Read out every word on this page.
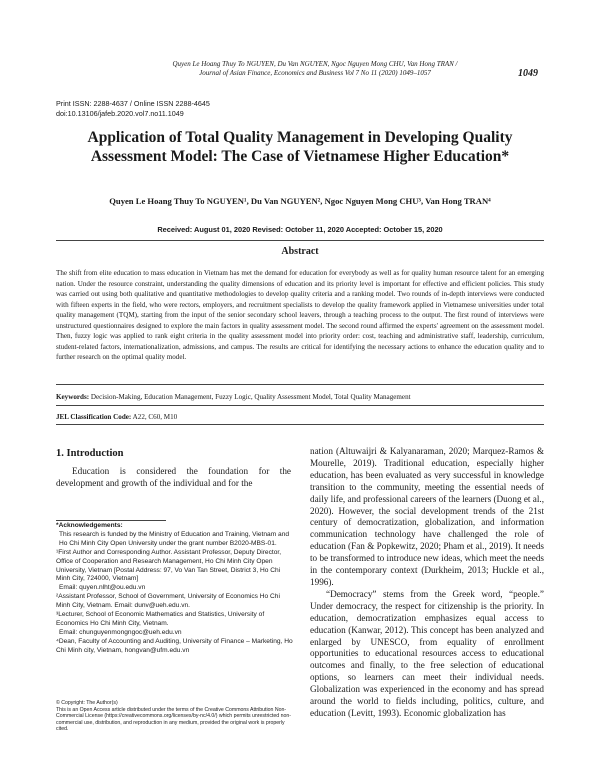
Quyen Le Hoang Thuy To NGUYEN, Du Van NGUYEN, Ngoc Nguyen Mong CHU, Van Hong TRAN /
Journal of Asian Finance, Economics and Business Vol 7 No 11 (2020) 1049–1057	1049
Print ISSN: 2288-4637 / Online ISSN 2288-4645
doi:10.13106/jafeb.2020.vol7.no11.1049
Application of Total Quality Management in Developing Quality
Assessment Model: The Case of Vietnamese Higher Education*
Quyen Le Hoang Thuy To NGUYEN¹, Du Van NGUYEN², Ngoc Nguyen Mong CHU³, Van Hong TRAN⁴
Received: August 01, 2020 Revised: October 11, 2020 Accepted: October 15, 2020
Abstract
The shift from elite education to mass education in Vietnam has met the demand for education for everybody as well as for quality human resource talent for an emerging nation. Under the resource constraint, understanding the quality dimensions of education and its priority level is important for effective and efficient policies. This study was carried out using both qualitative and quantitative methodologies to develop quality criteria and a ranking model. Two rounds of in-depth interviews were conducted with fifteen experts in the field, who were rectors, employers, and recruitment specialists to develop the quality framework applied in Vietnamese universities under total quality management (TQM), starting from the input of the senior secondary school leavers, through a teaching process to the output. The first round of interviews were unstructured questionnaires designed to explore the main factors in quality assessment model. The second round affirmed the experts' agreement on the assessment model. Then, fuzzy logic was applied to rank eight criteria in the quality assessment model into priority order: cost, teaching and administrative staff, leadership, curriculum, student-related factors, internationalization, admissions, and campus. The results are critical for identifying the necessary actions to enhance the education quality and to further research on the optimal quality model.
Keywords: Decision-Making, Education Management, Fuzzy Logic, Quality Assessment Model, Total Quality Management
JEL Classification Code: A22, C60, M10
1. Introduction

Education is considered the foundation for the development and growth of the individual and for the

*Acknowledgements:

This research is funded by the Ministry of Education and Training, Vietnam and Ho Chi Minh City Open University under the grant number B2020-MBS-01.

¹First Author and Corresponding Author. Assistant Professor, Deputy Director, Office of Cooperation and Research Management, Ho Chi Minh City Open University, Vietnam [Postal Address: 97, Vo Van Tan Street, District 3, Ho Chi Minh City, 724000, Vietnam]

Email: quyen.nlht@ou.edu.vn

²Assistant Professor, School of Government, University of Economics Ho Chi Minh City, Vietnam. Email: dunv@ueh.edu.vn.

³Lecturer, School of Economic Mathematics and Statistics, University of Economics Ho Chi Minh City, Vietnam.

Email: chunguyenmongngoc@ueh.edu.vn

⁴Dean, Faculty of Accounting and Auditing, University of Finance – Marketing, Ho Chi Minh city, Vietnam, hongvan@ufm.edu.vn

© Copyright: The Author(s)

This is an Open Access article distributed under the terms of the Creative Commons Attribution Non-Commercial License (https://creativecommons.org/licenses/by-nc/4.0/) which permits unrestricted non-commercial use, distribution, and reproduction in any medium, provided the original work is properly cited.

nation (Altuwaijri & Kalyanaraman, 2020; Marquez-Ramos & Mourelle, 2019). Traditional education, especially higher education, has been evaluated as very successful in knowledge transition to the community, meeting the essential needs of daily life, and professional careers of the learners (Duong et al., 2020). However, the social development trends of the 21st century of democratization, globalization, and information communication technology have challenged the role of education (Fan & Popkewitz, 2020; Pham et al., 2019). It needs to be transformed to introduce new ideas, which meet the needs in the contemporary context (Durkheim, 2013; Huckle et al., 1996).

“Democracy” stems from the Greek word, “people.” Under democracy, the respect for citizenship is the priority. In education, democratization emphasizes equal access to education (Kanwar, 2012). This concept has been analyzed and enlarged by UNESCO, from equality of enrollment opportunities to educational resources access to educational outcomes and finally, to the free selection of educational options, so learners can meet their individual needs. Globalization was experienced in the economy and has spread around the world to fields including, politics, culture, and education (Levitt, 1993). Economic globalization has
